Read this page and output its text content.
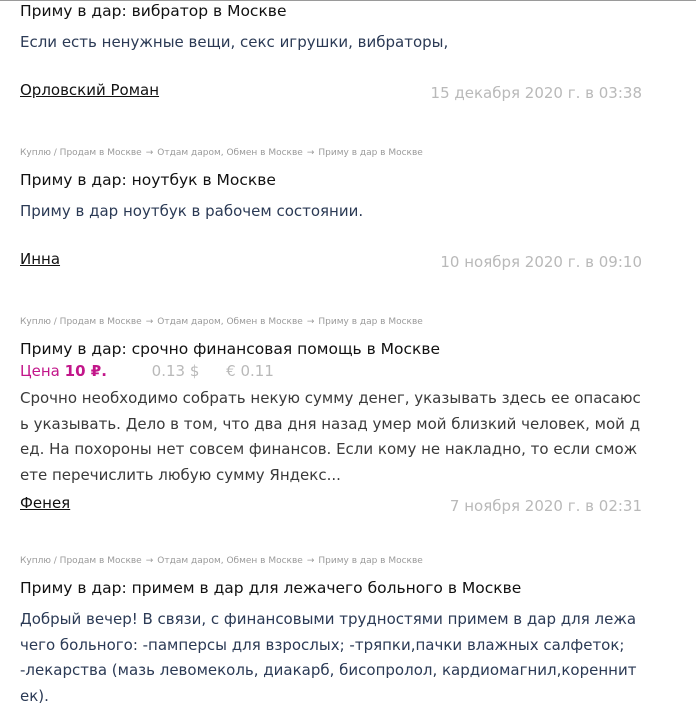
Приму в дар: вибратор в Москве
Если есть ненужные вещи, секс игрушки, вибраторы,
Орловский Роман	15 декабря 2020 г. в 03:38
Куплю / Продам в Москве → Отдам даром, Обмен в Москве → Приму в дар в Москве
Приму в дар: ноутбук в Москве
Приму в дар ноутбук в рабочем состоянии.
Инна	10 ноября 2020 г. в 09:10
Куплю / Продам в Москве → Отдам даром, Обмен в Москве → Приму в дар в Москве
Приму в дар: срочно финансовая помощь в Москве
Цена 10 ₽.	0.13 $ € 0.11
Срочно необходимо собрать некую сумму денег, указывать здесь ее опасаюсь указывать. Дело в том, что два дня назад умер мой близкий человек, мой дед. На похороны нет совсем финансов. Если кому не накладно, то если сможете перечислить любую сумму Яндекс...
Фенея	7 ноября 2020 г. в 02:31
Куплю / Продам в Москве → Отдам даром, Обмен в Москве → Приму в дар в Москве
Приму в дар: примем в дар для лежачего больного в Москве
Добрый вечер! В связи, с финансовыми трудностями примем в дар для лежачего больного: -памперсы для взрослых; -тряпки,пачки влажных салфеток; -лекарства (мазь левомеколь, диакарб, бисопролол, кардиомагнил,кореннитек).
